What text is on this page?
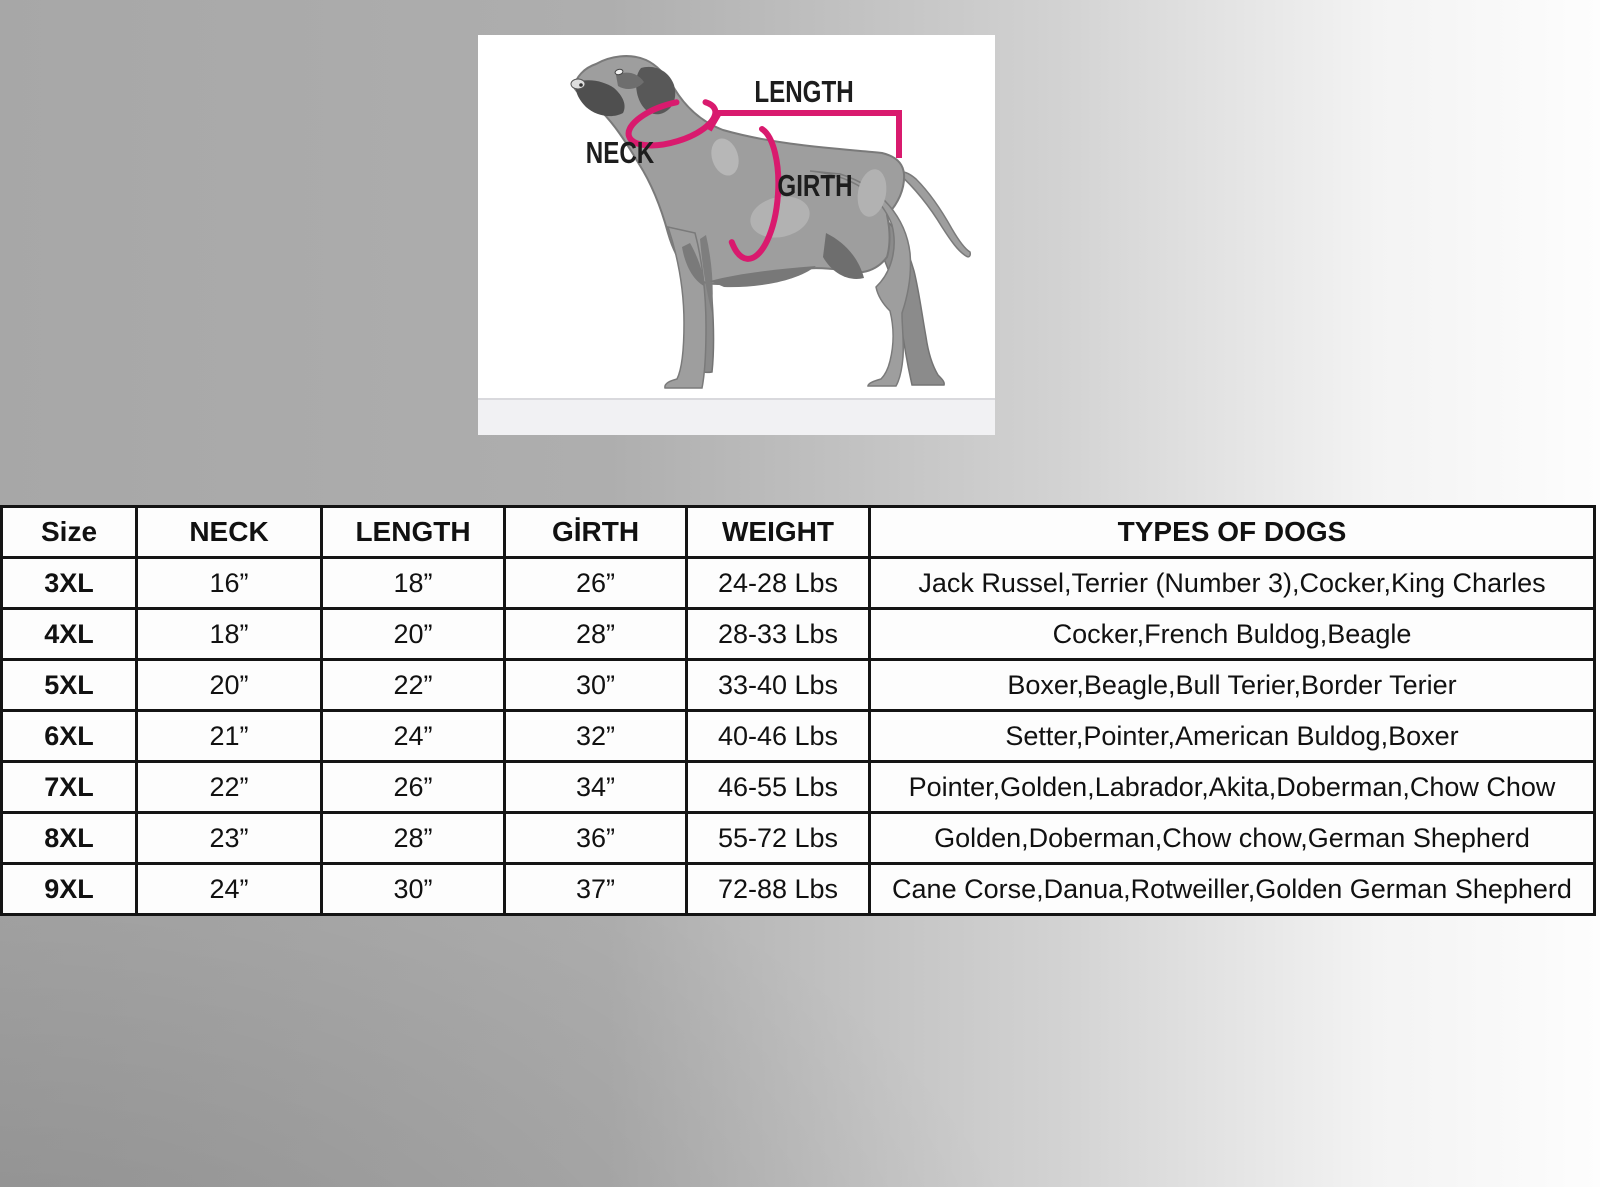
LENGTH
NECK
GIRTH
Size	NECK	LENGTH	GİRTH	WEIGHT	TYPES OF DOGS
3XL	16”	18”	26”	24-28 Lbs	Jack Russel,Terrier (Number 3),Cocker,King Charles
4XL	18”	20”	28”	28-33 Lbs	Cocker,French Buldog,Beagle
5XL	20”	22”	30”	33-40 Lbs	Boxer,Beagle,Bull Terier,Border Terier
6XL	21”	24”	32”	40-46 Lbs	Setter,Pointer,American Buldog,Boxer
7XL	22”	26”	34”	46-55 Lbs	Pointer,Golden,Labrador,Akita,Doberman,Chow Chow
8XL	23”	28”	36”	55-72 Lbs	Golden,Doberman,Chow chow,German Shepherd
9XL	24”	30”	37”	72-88 Lbs	Cane Corse,Danua,Rotweiller,Golden German Shepherd
